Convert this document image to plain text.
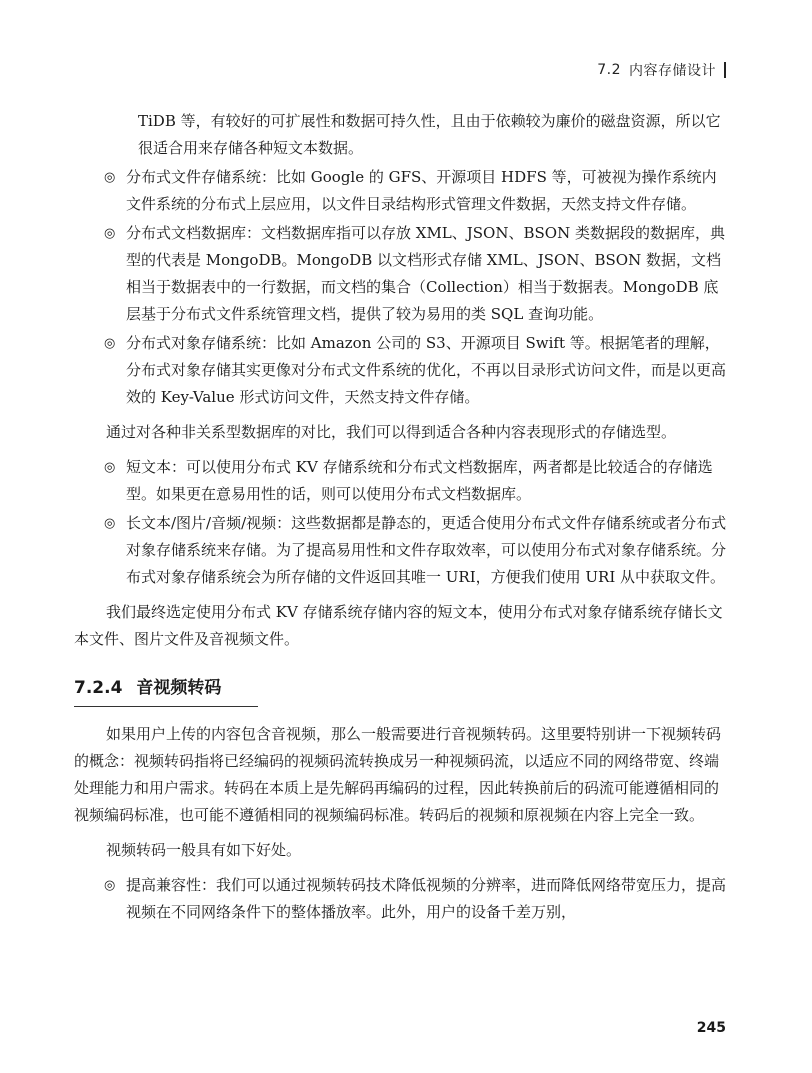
7.2 内容存储设计

TiDB 等，有较好的可扩展性和数据可持久性，且由于依赖较为廉价的磁盘资源，所以它很适合用来存储各种短文本数据。

◎ 分布式文件存储系统：比如 Google 的 GFS、开源项目 HDFS 等，可被视为操作系统内文件系统的分布式上层应用，以文件目录结构形式管理文件数据，天然支持文件存储。
◎ 分布式文档数据库：文档数据库指可以存放 XML、JSON、BSON 类数据段的数据库，典型的代表是 MongoDB。MongoDB 以文档形式存储 XML、JSON、BSON 数据，文档相当于数据表中的一行数据，而文档的集合（Collection）相当于数据表。MongoDB 底层基于分布式文件系统管理文档，提供了较为易用的类 SQL 查询功能。
◎ 分布式对象存储系统：比如 Amazon 公司的 S3、开源项目 Swift 等。根据笔者的理解，分布式对象存储其实更像对分布式文件系统的优化，不再以目录形式访问文件，而是以更高效的 Key-Value 形式访问文件，天然支持文件存储。

通过对各种非关系型数据库的对比，我们可以得到适合各种内容表现形式的存储选型。

◎ 短文本：可以使用分布式 KV 存储系统和分布式文档数据库，两者都是比较适合的存储选型。如果更在意易用性的话，则可以使用分布式文档数据库。
◎ 长文本/图片/音频/视频：这些数据都是静态的，更适合使用分布式文件存储系统或者分布式对象存储系统来存储。为了提高易用性和文件存取效率，可以使用分布式对象存储系统。分布式对象存储系统会为所存储的文件返回其唯一 URI，方便我们使用 URI 从中获取文件。

我们最终选定使用分布式 KV 存储系统存储内容的短文本，使用分布式对象存储系统存储长文本文件、图片文件及音视频文件。

7.2.4 音视频转码

如果用户上传的内容包含音视频，那么一般需要进行音视频转码。这里要特别讲一下视频转码的概念：视频转码指将已经编码的视频码流转换成另一种视频码流，以适应不同的网络带宽、终端处理能力和用户需求。转码在本质上是先解码再编码的过程，因此转换前后的码流可能遵循相同的视频编码标准，也可能不遵循相同的视频编码标准。转码后的视频和原视频在内容上完全一致。

视频转码一般具有如下好处。

◎ 提高兼容性：我们可以通过视频转码技术降低视频的分辨率，进而降低网络带宽压力，提高视频在不同网络条件下的整体播放率。此外，用户的设备千差万别，
245
